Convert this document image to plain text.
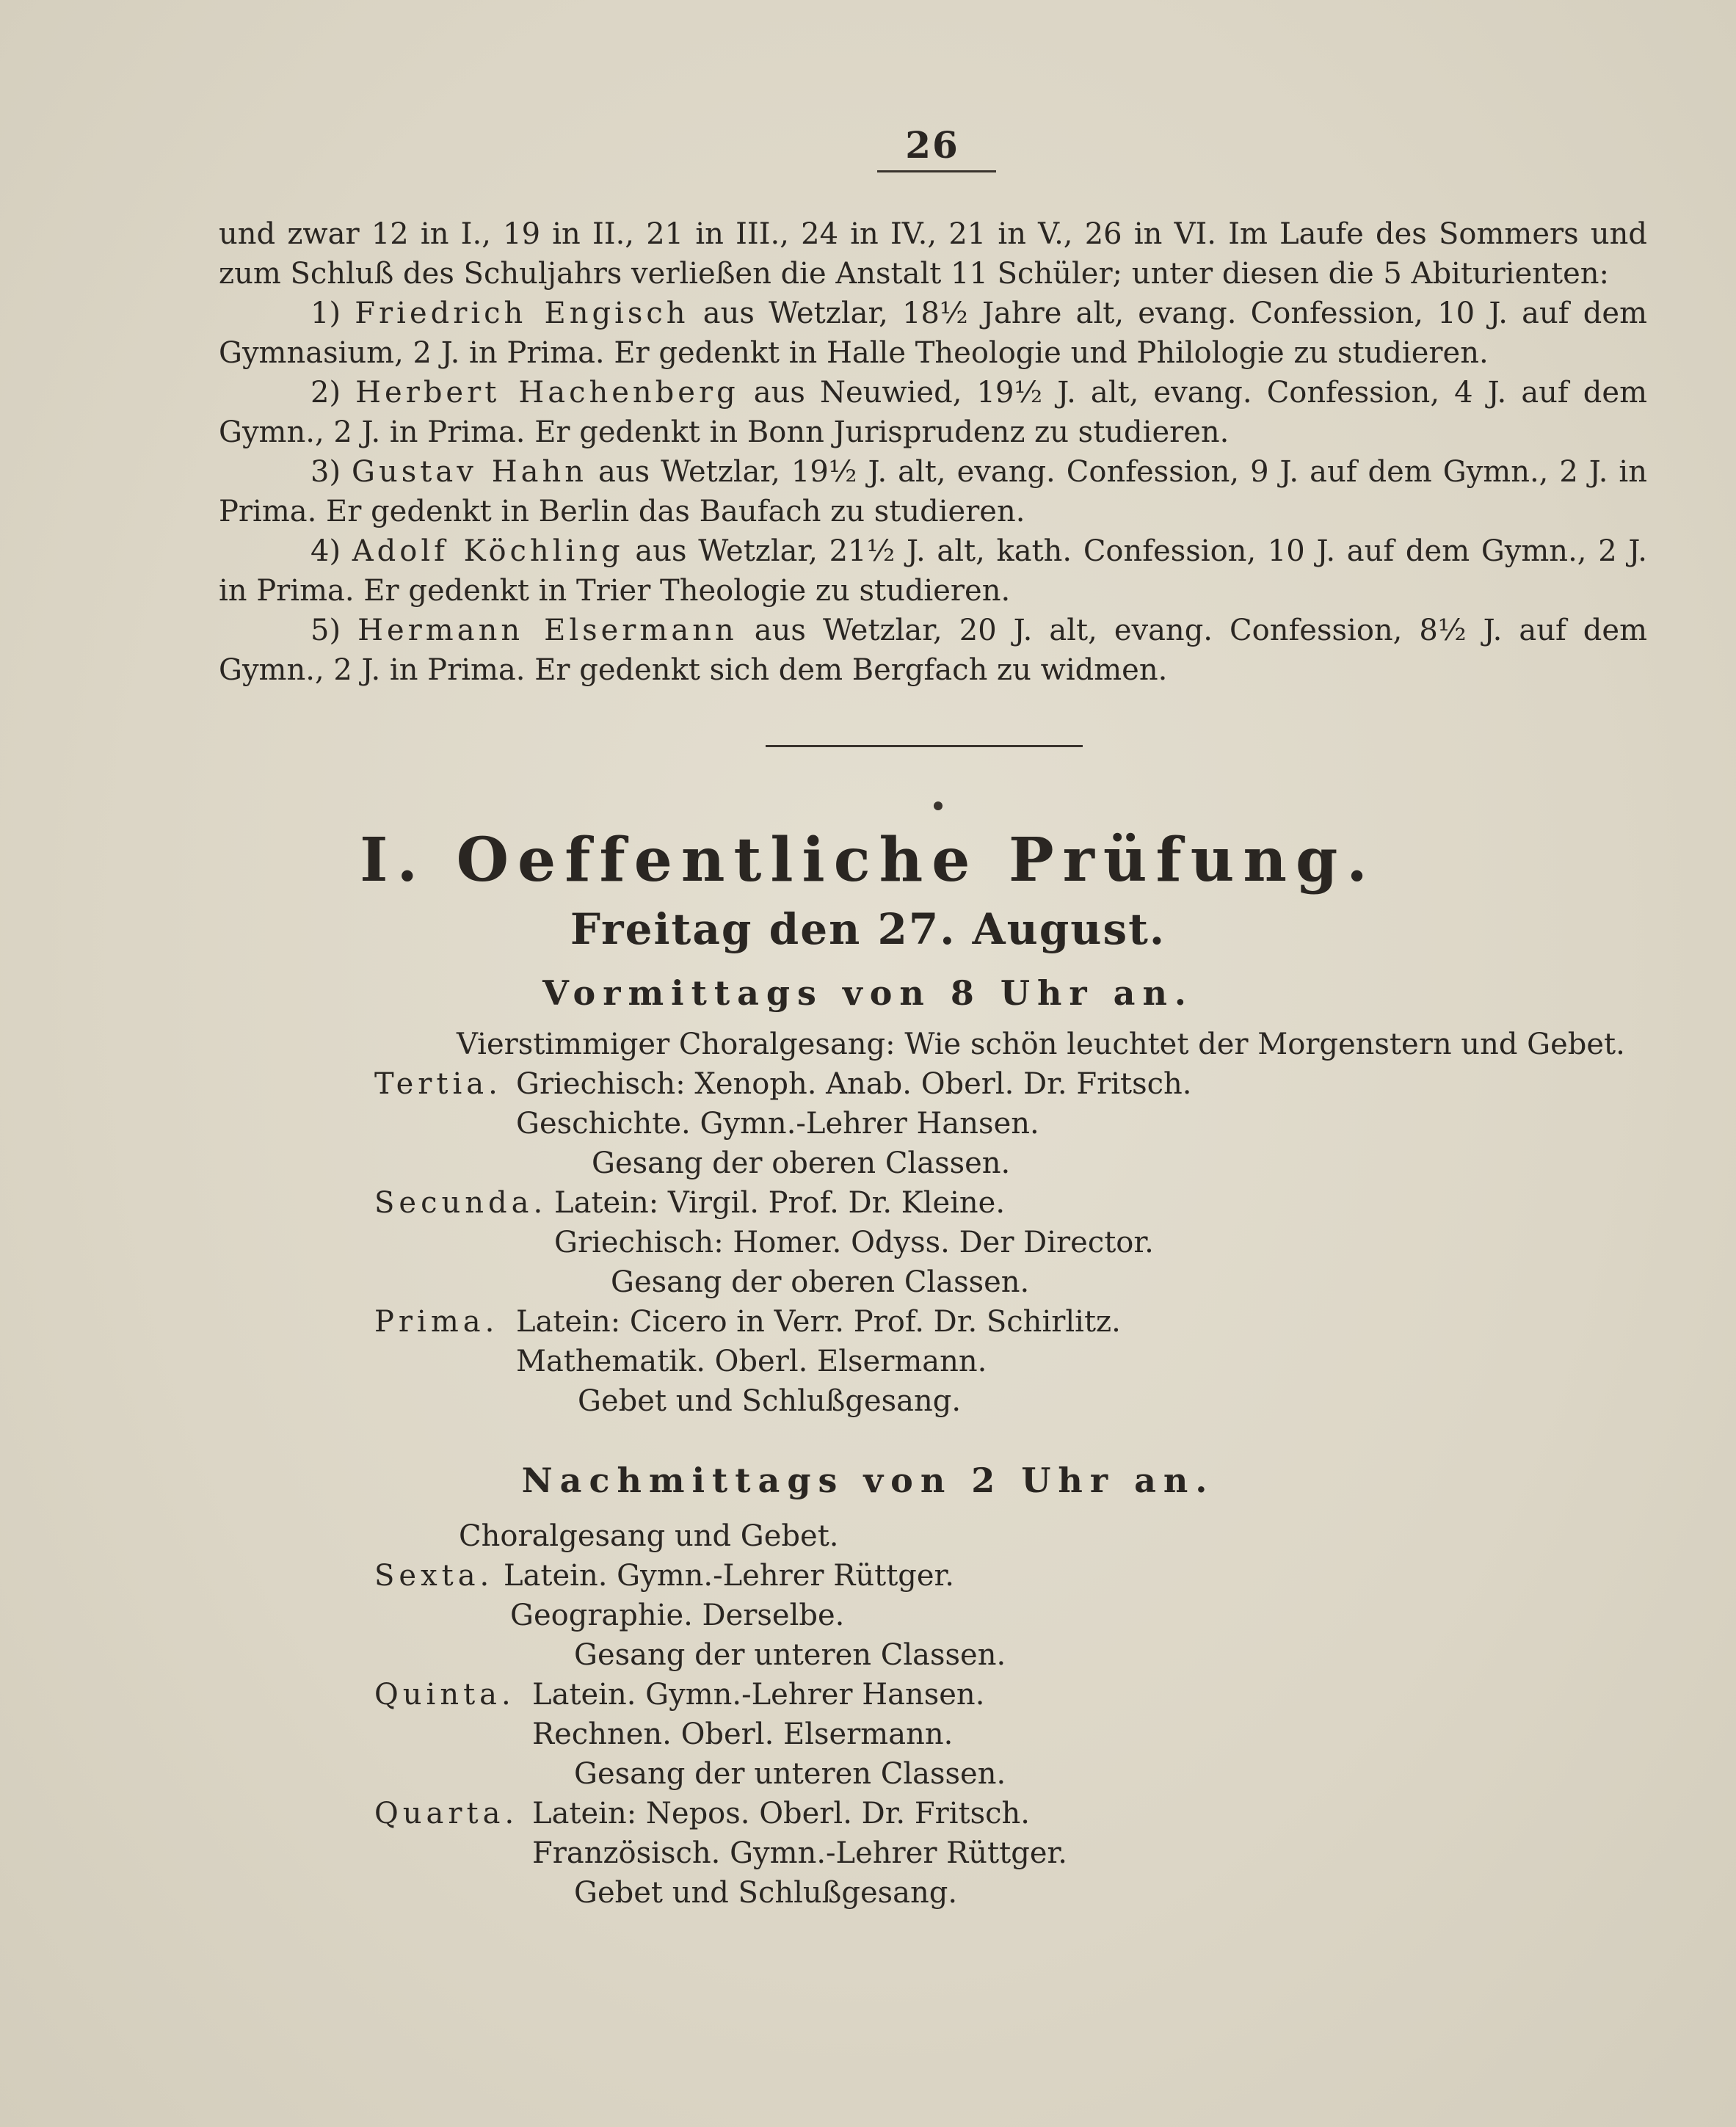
26
und zwar 12 in I., 19 in II., 21 in III., 24 in IV., 21 in V., 26 in VI. Im Laufe des Sommers und zum Schluß des Schuljahrs verließen die Anstalt 11 Schüler; unter diesen die 5 Abiturienten:
1) Friedrich Engisch aus Wetzlar, 18½ Jahre alt, evang. Confession, 10 J. auf dem Gymnasium, 2 J. in Prima. Er gedenkt in Halle Theologie und Philologie zu studieren.
2) Herbert Hachenberg aus Neuwied, 19½ J. alt, evang. Confession, 4 J. auf dem Gymn., 2 J. in Prima. Er gedenkt in Bonn Jurisprudenz zu studieren.
3) Gustav Hahn aus Wetzlar, 19½ J. alt, evang. Confession, 9 J. auf dem Gymn., 2 J. in Prima. Er gedenkt in Berlin das Baufach zu studieren.
4) Adolf Köchling aus Wetzlar, 21½ J. alt, kath. Confession, 10 J. auf dem Gymn., 2 J. in Prima. Er gedenkt in Trier Theologie zu studieren.
5) Hermann Elsermann aus Wetzlar, 20 J. alt, evang. Confession, 8½ J. auf dem Gymn., 2 J. in Prima. Er gedenkt sich dem Bergfach zu widmen.
I. Oeffentliche Prüfung.
Freitag den 27. August.
Vormittags von 8 Uhr an.
Vierstimmiger Choralgesang: Wie schön leuchtet der Morgenstern und Gebet.
Tertia. Griechisch: Xenoph. Anab. Oberl. Dr. Fritsch.
Geschichte. Gymn.-Lehrer Hansen.
Gesang der oberen Classen.
Secunda. Latein: Virgil. Prof. Dr. Kleine.
Griechisch: Homer. Odyss. Der Director.
Gesang der oberen Classen.
Prima. Latein: Cicero in Verr. Prof. Dr. Schirlitz.
Mathematik. Oberl. Elsermann.
Gebet und Schlußgesang.
Nachmittags von 2 Uhr an.
Choralgesang und Gebet.
Sexta. Latein. Gymn.-Lehrer Rüttger.
Geographie. Derselbe.
Gesang der unteren Classen.
Quinta. Latein. Gymn.-Lehrer Hansen.
Rechnen. Oberl. Elsermann.
Gesang der unteren Classen.
Quarta. Latein: Nepos. Oberl. Dr. Fritsch.
Französisch. Gymn.-Lehrer Rüttger.
Gebet und Schlußgesang.
